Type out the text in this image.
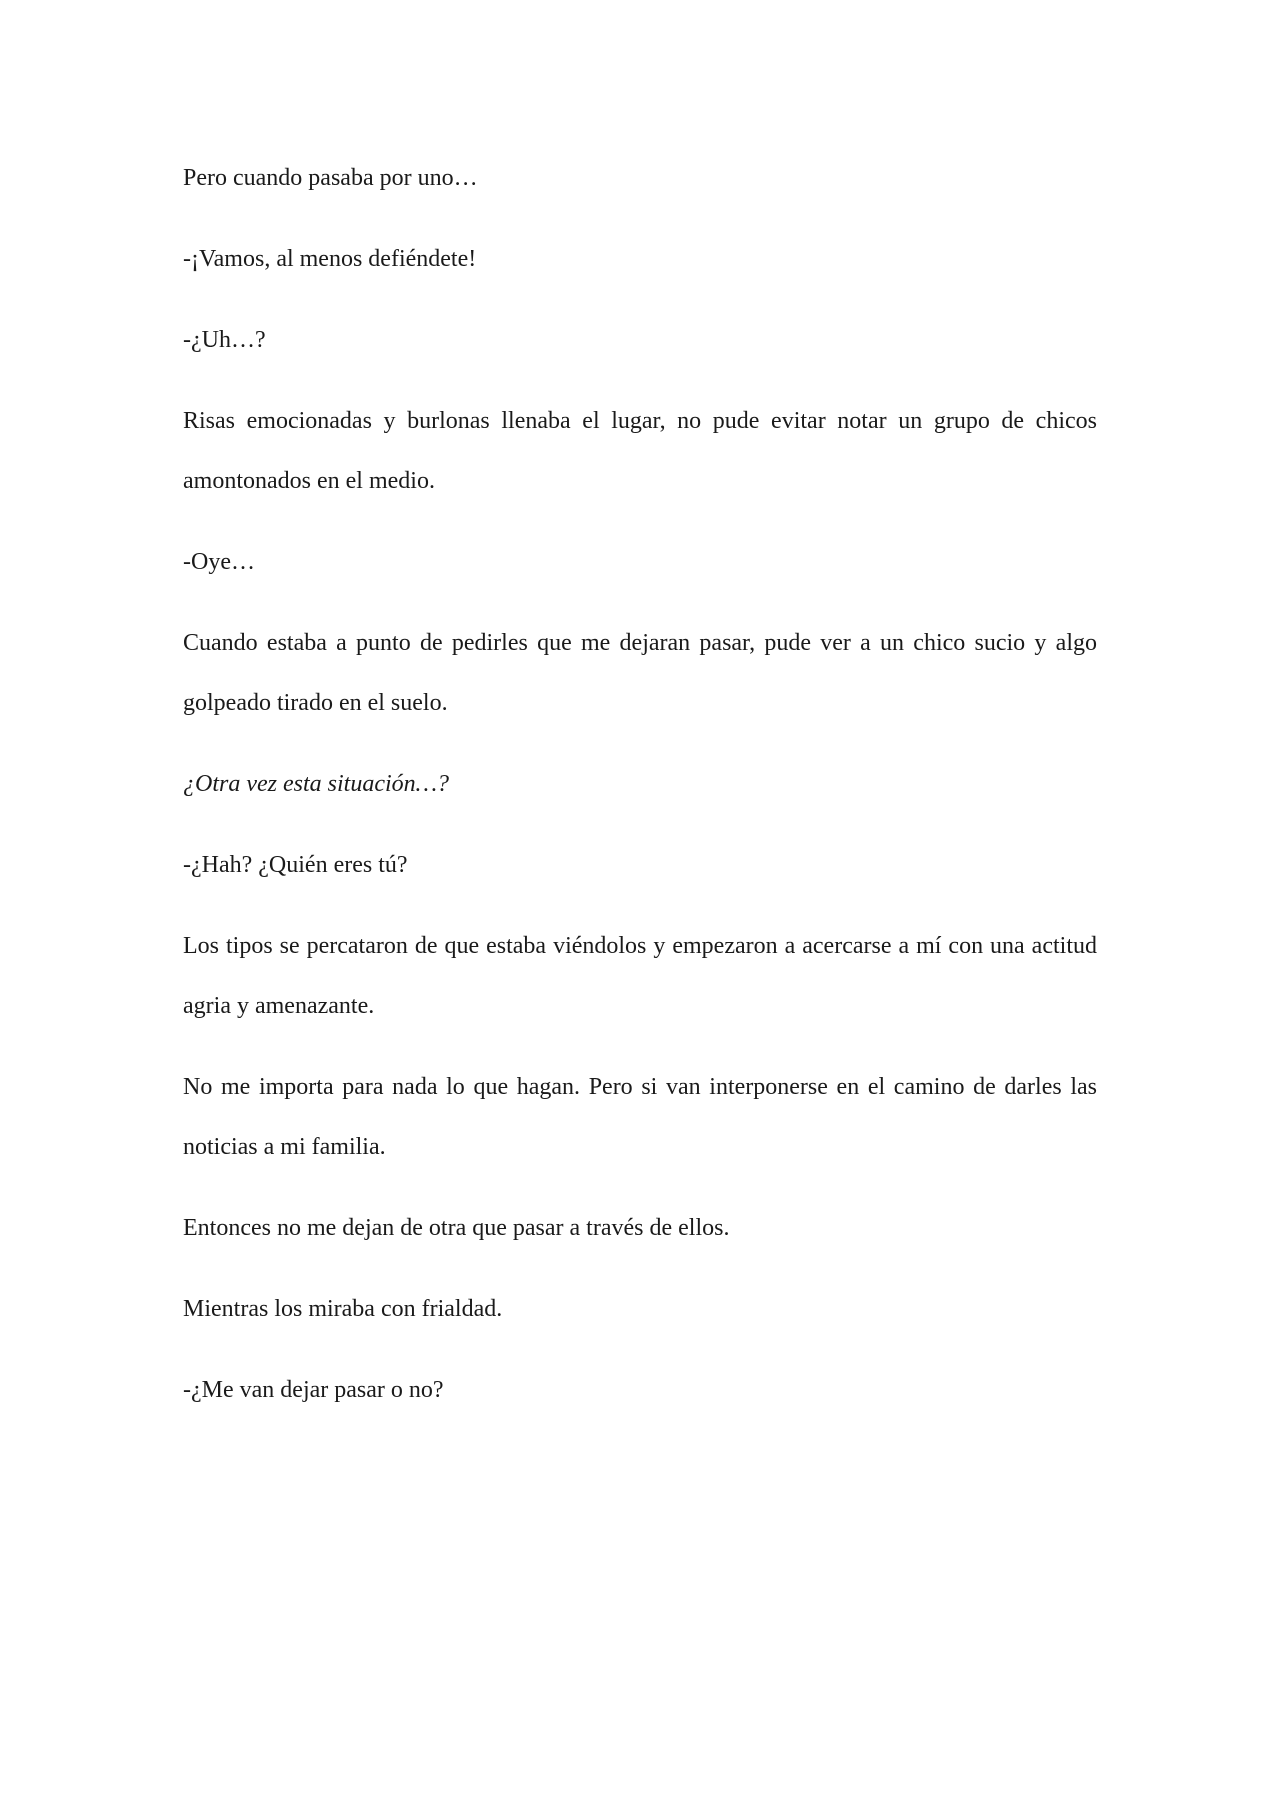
Pero cuando pasaba por uno…

-¡Vamos, al menos defiéndete!

-¿Uh…?

Risas emocionadas y burlonas llenaba el lugar, no pude evitar notar un grupo de chicos amontonados en el medio.

-Oye…

Cuando estaba a punto de pedirles que me dejaran pasar, pude ver a un chico sucio y algo golpeado tirado en el suelo.

¿Otra vez esta situación…?

-¿Hah? ¿Quién eres tú?

Los tipos se percataron de que estaba viéndolos y empezaron a acercarse a mí con una actitud agria y amenazante.

No me importa para nada lo que hagan. Pero si van interponerse en el camino de darles las noticias a mi familia.

Entonces no me dejan de otra que pasar a través de ellos.

Mientras los miraba con frialdad.

-¿Me van dejar pasar o no?
